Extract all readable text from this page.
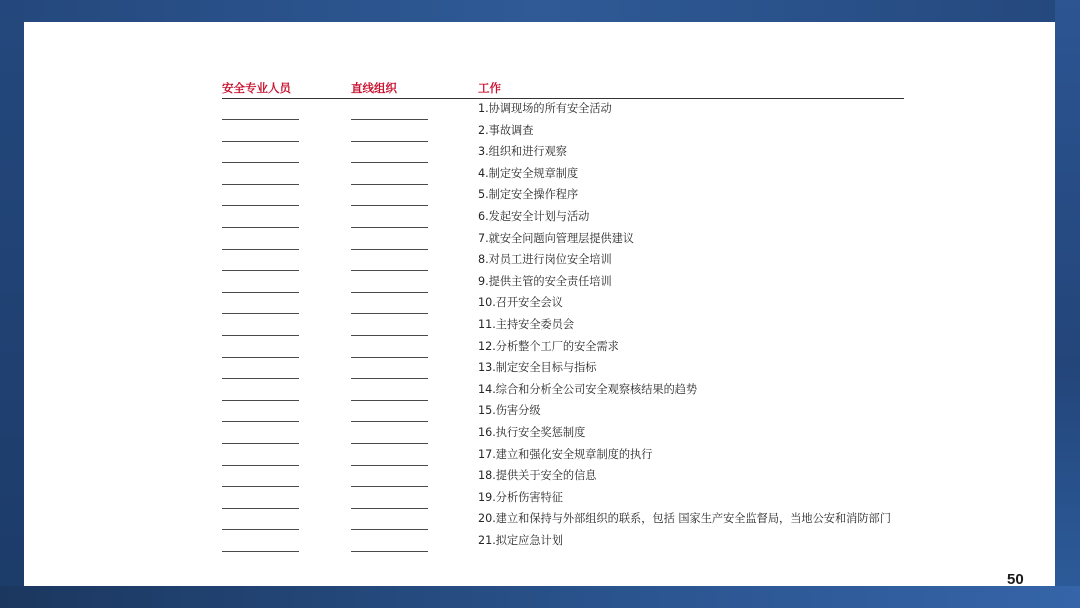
安全专业人员	直线组织	工作
1.协调现场的所有安全活动
2.事故调查
3.组织和进行观察
4.制定安全规章制度
5.制定安全操作程序
6.发起安全计划与活动
7.就安全问题向管理层提供建议
8.对员工进行岗位安全培训
9.提供主管的安全责任培训
10.召开安全会议
11.主持安全委员会
12.分析整个工厂的安全需求
13.制定安全目标与指标
14.综合和分析全公司安全观察核结果的趋势
15.伤害分级
16.执行安全奖惩制度
17.建立和强化安全规章制度的执行
18.提供关于安全的信息
19.分析伤害特征
20.建立和保持与外部组织的联系，包括 国家生产安全监督局，当地公安和消防部门
21.拟定应急计划
50
